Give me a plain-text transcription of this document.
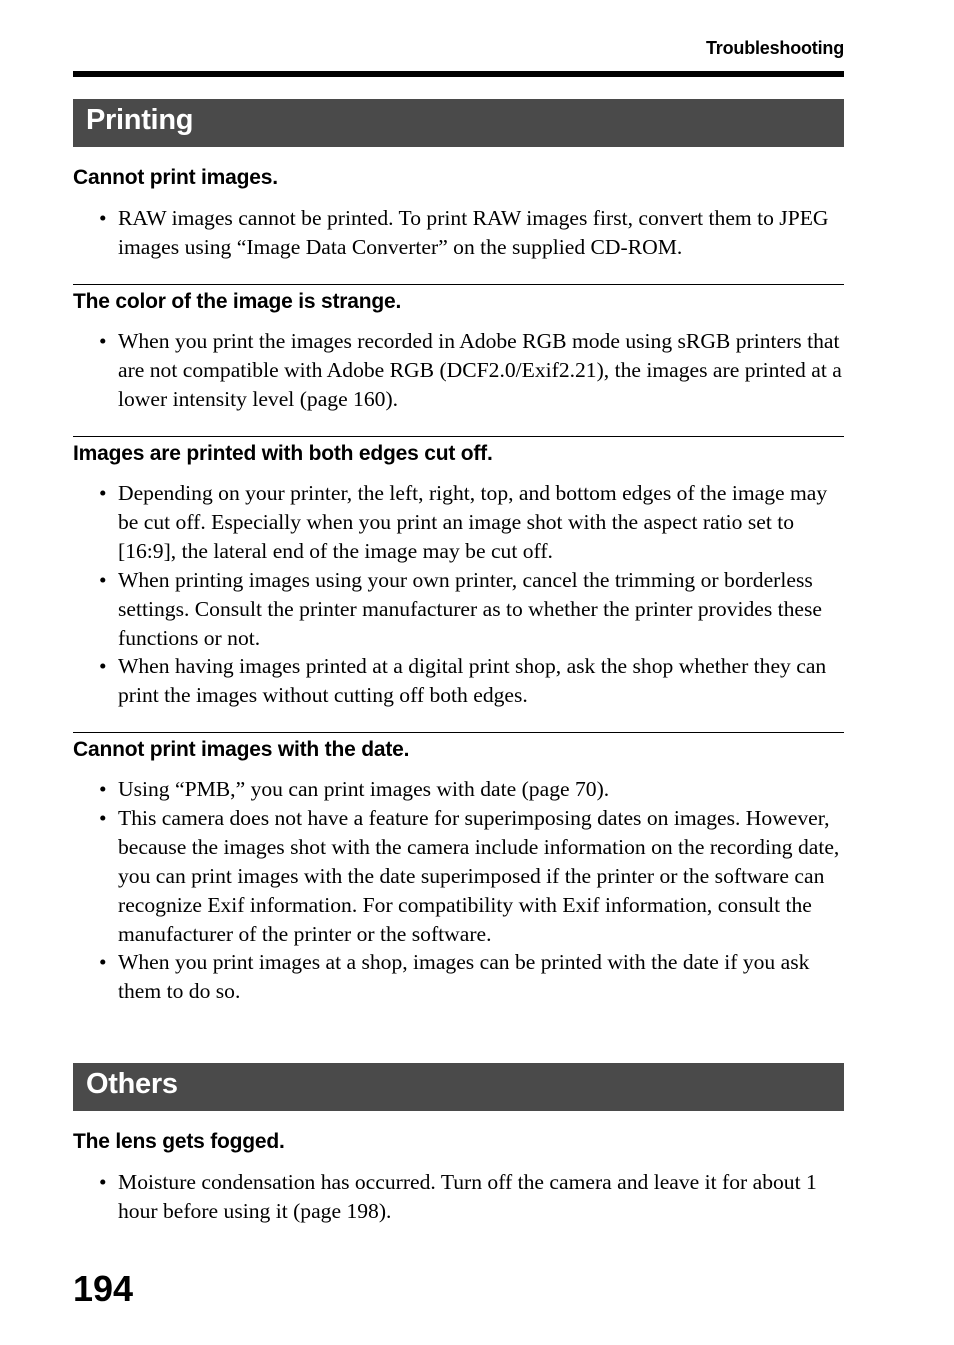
Troubleshooting
Printing
Cannot print images.
• RAW images cannot be printed. To print RAW images first, convert them to JPEG images using “Image Data Converter” on the supplied CD-ROM.
The color of the image is strange.
• When you print the images recorded in Adobe RGB mode using sRGB printers that are not compatible with Adobe RGB (DCF2.0/Exif2.21), the images are printed at a lower intensity level (page 160).
Images are printed with both edges cut off.
• Depending on your printer, the left, right, top, and bottom edges of the image may be cut off. Especially when you print an image shot with the aspect ratio set to [16:9], the lateral end of the image may be cut off.
• When printing images using your own printer, cancel the trimming or borderless settings. Consult the printer manufacturer as to whether the printer provides these functions or not.
• When having images printed at a digital print shop, ask the shop whether they can print the images without cutting off both edges.
Cannot print images with the date.
• Using “PMB,” you can print images with date (page 70).
• This camera does not have a feature for superimposing dates on images. However, because the images shot with the camera include information on the recording date, you can print images with the date superimposed if the printer or the software can recognize Exif information. For compatibility with Exif information, consult the manufacturer of the printer or the software.
• When you print images at a shop, images can be printed with the date if you ask them to do so.
Others
The lens gets fogged.
• Moisture condensation has occurred. Turn off the camera and leave it for about 1 hour before using it (page 198).
194
